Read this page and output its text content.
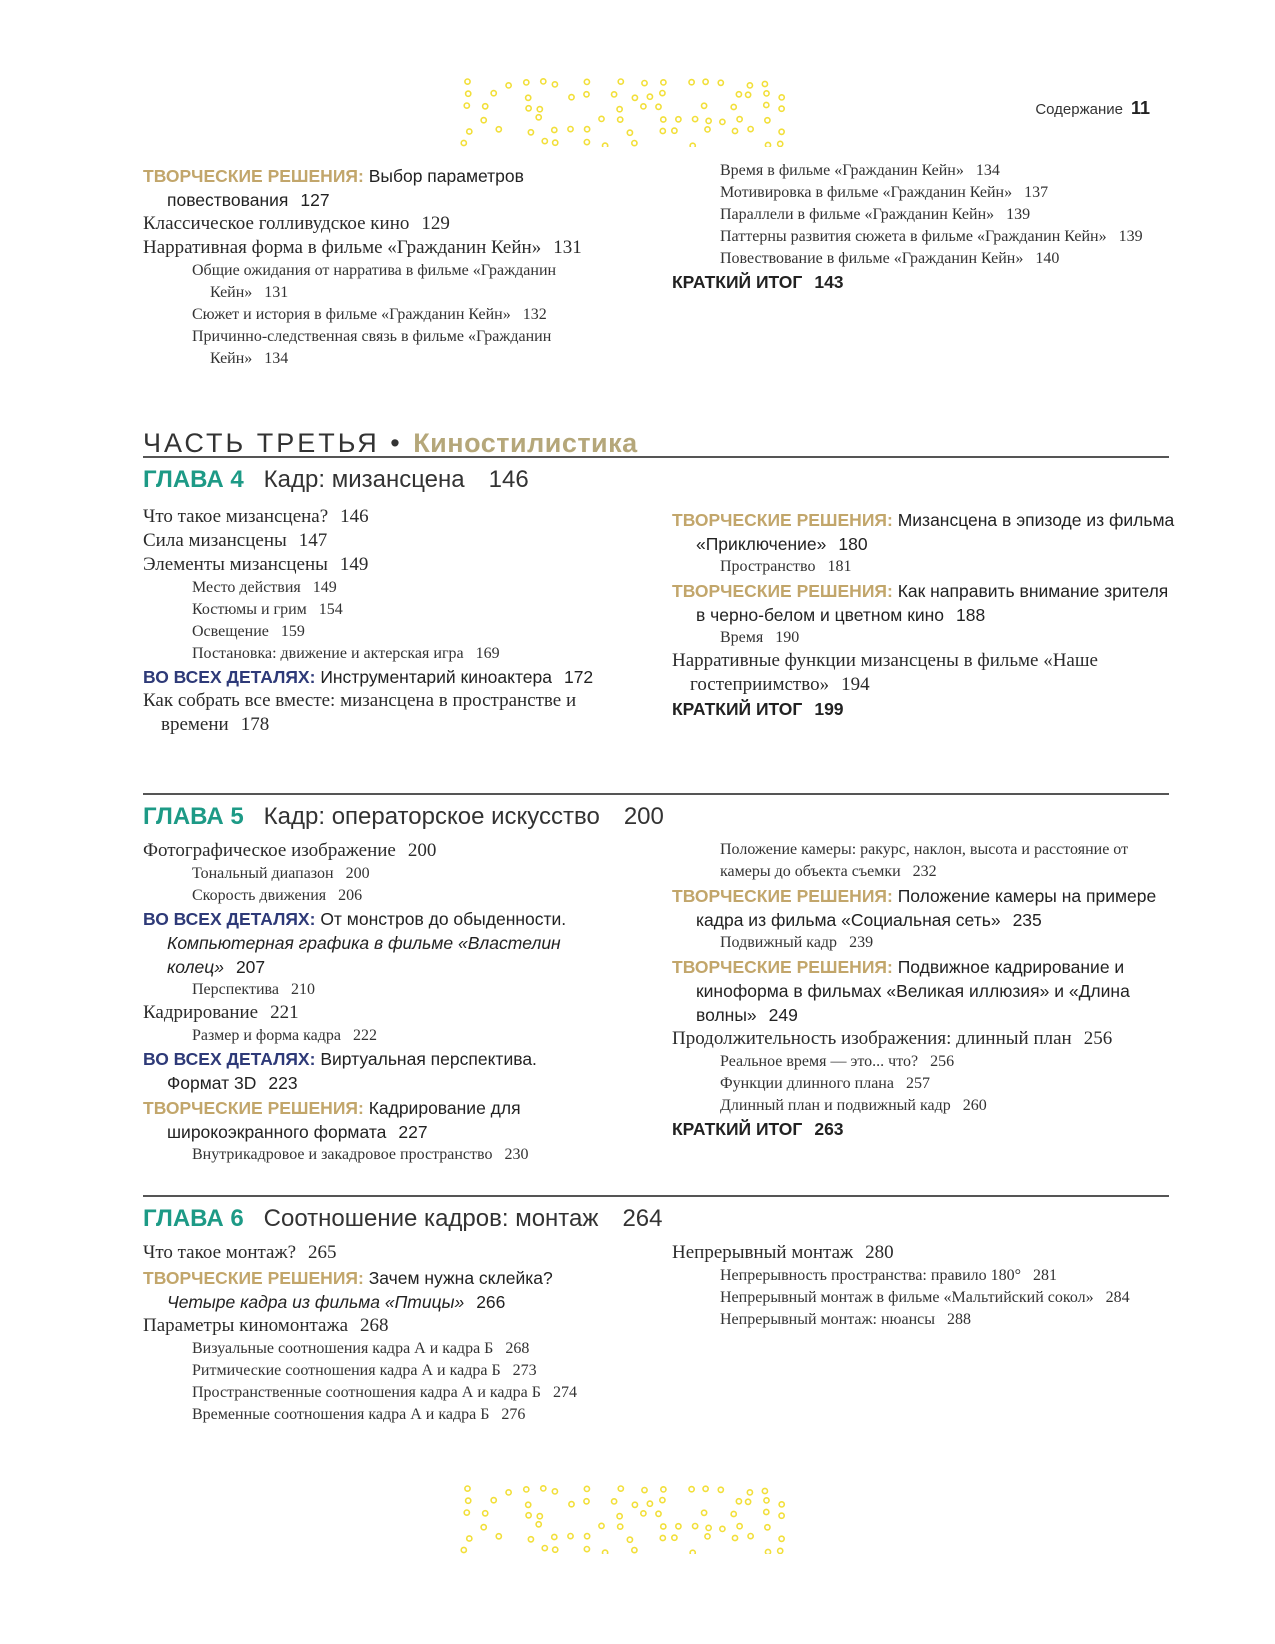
Содержание 11
ТВОРЧЕСКИЕ РЕШЕНИЯ: Выбор параметров повествования 127
Классическое голливудское кино 129
Нарративная форма в фильме «Гражданин Кейн» 131
Общие ожидания от нарратива в фильме «Гражданин Кейн» 131
Сюжет и история в фильме «Гражданин Кейн» 132
Причинно-следственная связь в фильме «Гражданин Кейн» 134
Время в фильме «Гражданин Кейн» 134
Мотивировка в фильме «Гражданин Кейн» 137
Параллели в фильме «Гражданин Кейн» 139
Паттерны развития сюжета в фильме «Гражданин Кейн» 139
Повествование в фильме «Гражданин Кейн» 140
КРАТКИЙ ИТОГ 143
ЧАСТЬ ТРЕТЬЯ • Киностилистика
ГЛАВА 4 Кадр: мизансцена 146
Что такое мизансцена? 146
Сила мизансцены 147
Элементы мизансцены 149
Место действия 149
Костюмы и грим 154
Освещение 159
Постановка: движение и актерская игра 169
ВО ВСЕХ ДЕТАЛЯХ: Инструментарий киноактера 172
Как собрать все вместе: мизансцена в пространстве и времени 178
ТВОРЧЕСКИЕ РЕШЕНИЯ: Мизансцена в эпизоде из фильма «Приключение» 180
Пространство 181
ТВОРЧЕСКИЕ РЕШЕНИЯ: Как направить внимание зрителя в черно-белом и цветном кино 188
Время 190
Нарративные функции мизансцены в фильме «Наше гостеприимство» 194
КРАТКИЙ ИТОГ 199
ГЛАВА 5 Кадр: операторское искусство 200
Фотографическое изображение 200
Тональный диапазон 200
Скорость движения 206
ВО ВСЕХ ДЕТАЛЯХ: От монстров до обыденности. Компьютерная графика в фильме «Властелин колец» 207
Перспектива 210
Кадрирование 221
Размер и форма кадра 222
ВО ВСЕХ ДЕТАЛЯХ: Виртуальная перспектива. Формат 3D 223
ТВОРЧЕСКИЕ РЕШЕНИЯ: Кадрирование для широкоэкранного формата 227
Внутрикадровое и закадровое пространство 230
Положение камеры: ракурс, наклон, высота и расстояние от камеры до объекта съемки 232
ТВОРЧЕСКИЕ РЕШЕНИЯ: Положение камеры на примере кадра из фильма «Социальная сеть» 235
Подвижный кадр 239
ТВОРЧЕСКИЕ РЕШЕНИЯ: Подвижное кадрирование и киноформа в фильмах «Великая иллюзия» и «Длина волны» 249
Продолжительность изображения: длинный план 256
Реальное время — это... что? 256
Функции длинного плана 257
Длинный план и подвижный кадр 260
КРАТКИЙ ИТОГ 263
ГЛАВА 6 Соотношение кадров: монтаж 264
Что такое монтаж? 265
ТВОРЧЕСКИЕ РЕШЕНИЯ: Зачем нужна склейка? Четыре кадра из фильма «Птицы» 266
Параметры киномонтажа 268
Визуальные соотношения кадра А и кадра Б 268
Ритмические соотношения кадра А и кадра Б 273
Пространственные соотношения кадра А и кадра Б 274
Временные соотношения кадра А и кадра Б 276
Непрерывный монтаж 280
Непрерывность пространства: правило 180° 281
Непрерывный монтаж в фильме «Мальтийский сокол» 284
Непрерывный монтаж: нюансы 288
